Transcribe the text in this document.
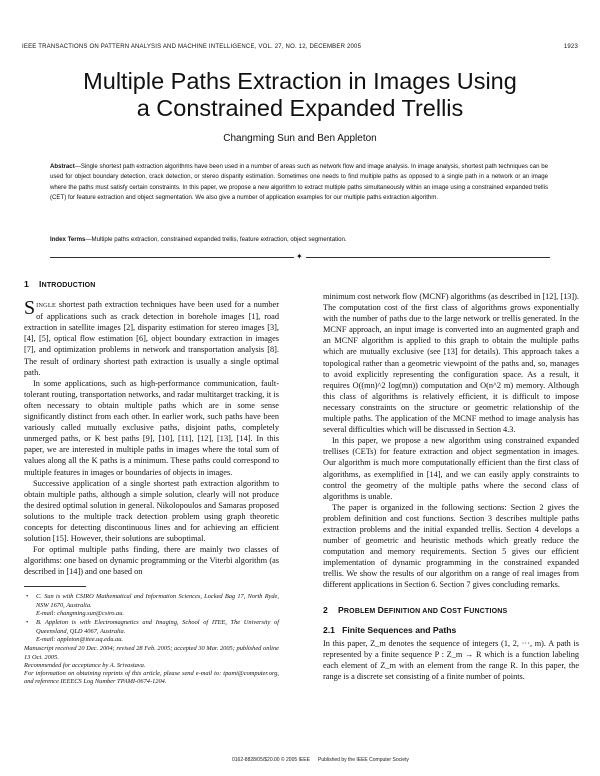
IEEE TRANSACTIONS ON PATTERN ANALYSIS AND MACHINE INTELLIGENCE, VOL. 27, NO. 12, DECEMBER 2005	1923
Multiple Paths Extraction in Images Using
a Constrained Expanded Trellis
Changming Sun and Ben Appleton
Abstract—Single shortest path extraction algorithms have been used in a number of areas such as network flow and image analysis. In image analysis, shortest path techniques can be used for object boundary detection, crack detection, or stereo disparity estimation. Sometimes one needs to find multiple paths as opposed to a single path in a network or an image where the paths must satisfy certain constraints. In this paper, we propose a new algorithm to extract multiple paths simultaneously within an image using a constrained expanded trellis (CET) for feature extraction and object segmentation. We also give a number of application examples for our multiple paths extraction algorithm.
Index Terms—Multiple paths extraction, constrained expanded trellis, feature extraction, object segmentation.
✦
1 INTRODUCTION

SINGLE shortest path extraction techniques have been used for a number of applications such as crack detection in borehole images [1], road extraction in satellite images [2], disparity estimation for stereo images [3], [4], [5], optical flow estimation [6], object boundary extraction in images [7], and optimization problems in network and transportation analysis [8]. The result of ordinary shortest path extraction is usually a single optimal path.

In some applications, such as high-performance communication, fault-tolerant routing, transportation networks, and radar multitarget tracking, it is often necessary to obtain multiple paths which are in some sense significantly distinct from each other. In earlier work, such paths have been variously called mutually exclusive paths, disjoint paths, completely unmerged paths, or K best paths [9], [10], [11], [12], [13], [14]. In this paper, we are interested in multiple paths in images where the total sum of values along all the K paths is a minimum. These paths could correspond to multiple features in images or boundaries of objects in images.

Successive application of a single shortest path extraction algorithm to obtain multiple paths, although a simple solution, clearly will not produce the desired optimal solution in general. Nikolopoulos and Samaras proposed solutions to the multiple track detection problem using graph theoretic concepts for detecting discontinuous lines and for achieving an efficient solution [15]. However, their solutions are suboptimal.

For optimal multiple paths finding, there are mainly two classes of algorithms: one based on dynamic programming or the Viterbi algorithm (as described in [14]) and one based on

• C. Sun is with CSIRO Mathematical and Information Sciences, Locked Bag 17, North Ryde, NSW 1670, Australia.
E-mail: changming.sun@csiro.au.
• B. Appleton is with Electromagnetics and Imaging, School of ITEE, The University of Queensland, QLD 4067, Australia.
E-mail: appleton@itee.uq.edu.au.
Manuscript received 20 Dec. 2004; revised 28 Feb. 2005; accepted 30 Mar. 2005; published online 13 Oct. 2005.
Recommended for acceptance by A. Srivastava.
For information on obtaining reprints of this article, please send e-mail to: tpami@computer.org, and reference IEEECS Log Number TPAMI-0674-1204.

minimum cost network flow (MCNF) algorithms (as described in [12], [13]). The computation cost of the first class of algorithms grows exponentially with the number of paths due to the large network or trellis generated. In the MCNF approach, an input image is converted into an augmented graph and an MCNF algorithm is applied to this graph to obtain the multiple paths which are mutually exclusive (see [13] for details). This approach takes a topological rather than a geometric viewpoint of the paths and, so, manages to avoid explicitly representing the configuration space. As a result, it requires O((mn)^2 log(mn)) computation and O(n^2 m) memory. Although this class of algorithms is relatively efficient, it is difficult to impose necessary constraints on the structure or geometric relationship of the multiple paths. The application of the MCNF method to image analysis has several difficulties which will be discussed in Section 4.3.

In this paper, we propose a new algorithm using constrained expanded trellises (CETs) for feature extraction and object segmentation in images. Our algorithm is much more computationally efficient than the first class of algorithms, as exemplified in [14], and we can easily apply constraints to control the geometry of the multiple paths where the second class of algorithms is unable.

The paper is organized in the following sections: Section 2 gives the problem definition and cost functions. Section 3 describes multiple paths extraction problems and the initial expanded trellis. Section 4 develops a number of geometric and heuristic methods which greatly reduce the computation and memory requirements. Section 5 gives our efficient implementation of dynamic programming in the constrained expanded trellis. We show the results of our algorithm on a range of real images from different applications in Section 6. Section 7 gives concluding remarks.

2 PROBLEM DEFINITION AND COST FUNCTIONS
2.1 Finite Sequences and Paths

In this paper, Z_m denotes the sequence of integers (1, 2, ···, m). A path is represented by a finite sequence P : Z_m → R which is a function labeling each element of Z_m with an element from the range R. In this paper, the range is a discrete set consisting of a finite number of points.

0162-8828/05/$20.00 © 2005 IEEE Published by the IEEE Computer Society
